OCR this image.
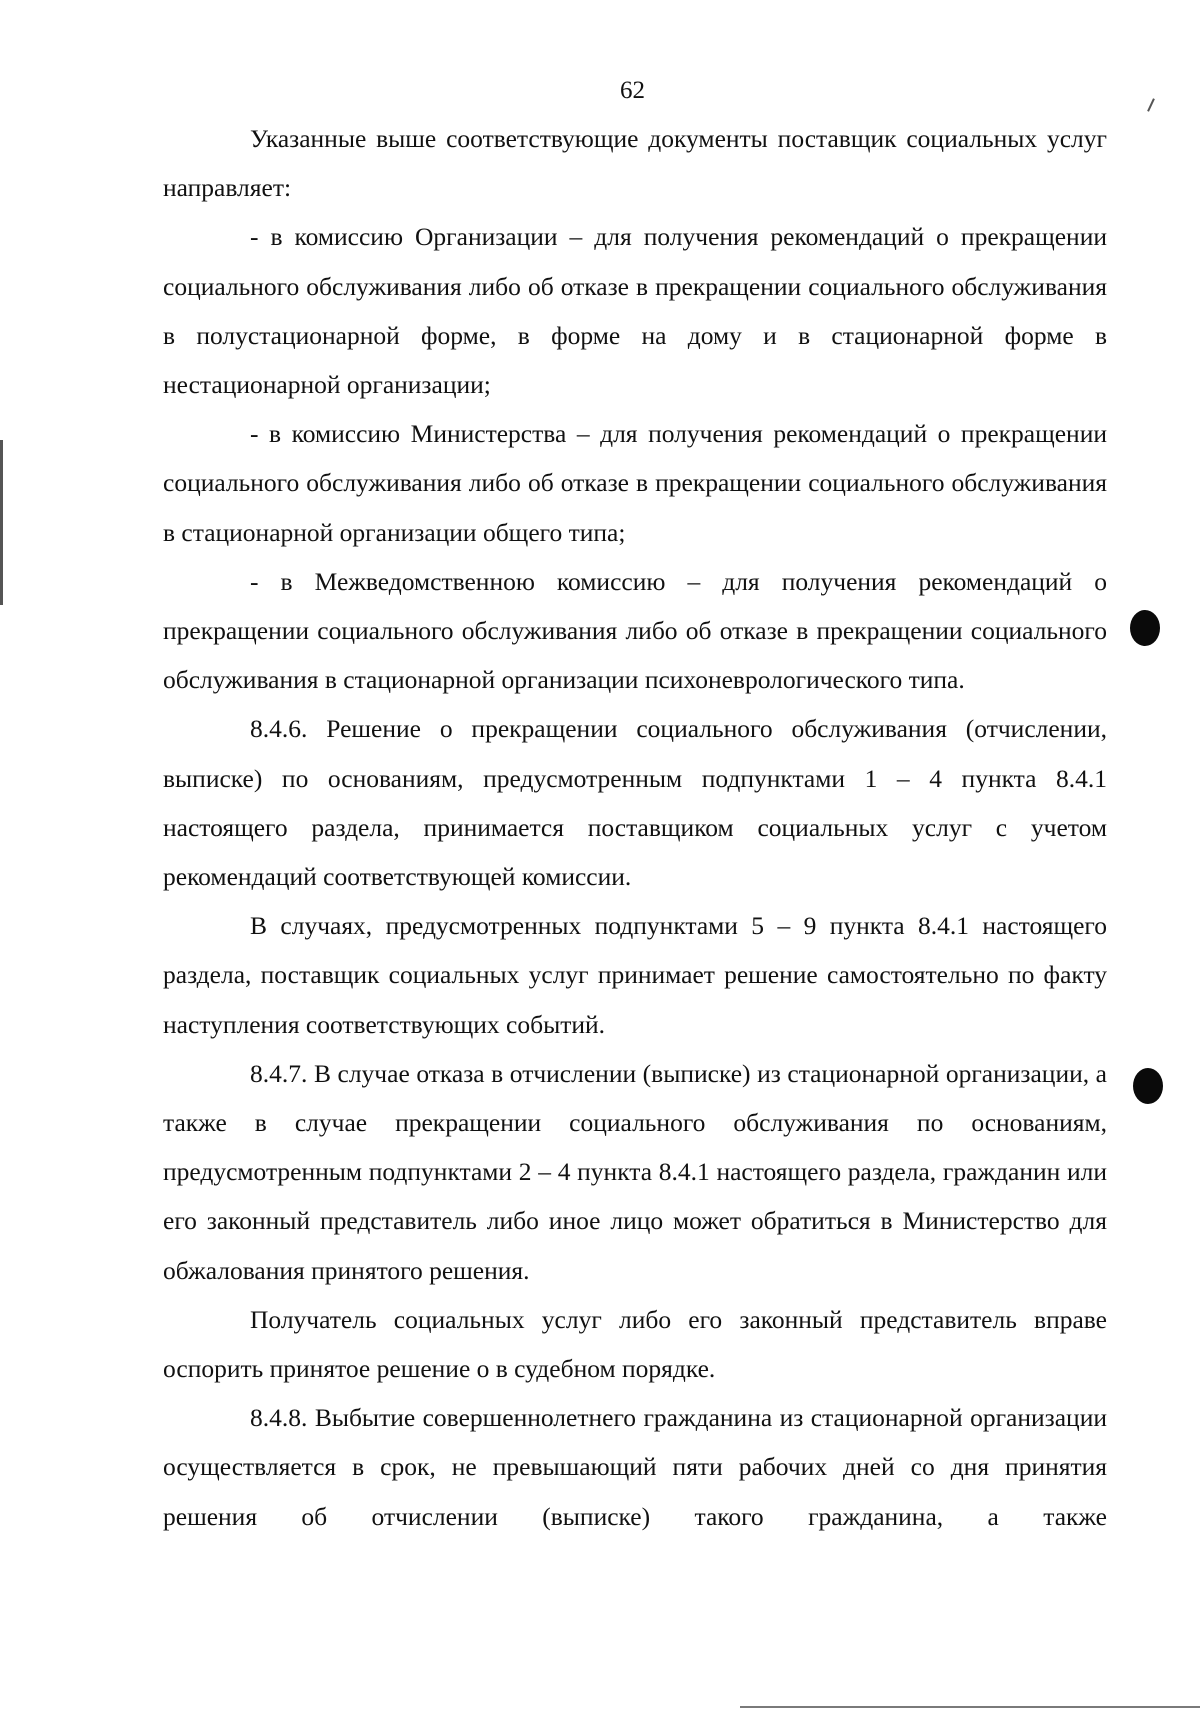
62

Указанные выше соответствующие документы поставщик социальных услуг направляет:

- в комиссию Организации – для получения рекомендаций о прекращении социального обслуживания либо об отказе в прекращении социального обслуживания в полустационарной форме, в форме на дому и в стационарной форме в нестационарной организации;

- в комиссию Министерства – для получения рекомендаций о прекращении социального обслуживания либо об отказе в прекращении социального обслуживания в стационарной организации общего типа;

- в Межведомственною комиссию – для получения рекомендаций о прекращении социального обслуживания либо об отказе в прекращении социального обслуживания в стационарной организации психоневрологического типа.

8.4.6. Решение о прекращении социального обслуживания (отчислении, выписке) по основаниям, предусмотренным подпунктами 1 – 4 пункта 8.4.1 настоящего раздела, принимается поставщиком социальных услуг с учетом рекомендаций соответствующей комиссии.

В случаях, предусмотренных подпунктами 5 – 9 пункта 8.4.1 настоящего раздела, поставщик социальных услуг принимает решение самостоятельно по факту наступления соответствующих событий.

8.4.7. В случае отказа в отчислении (выписке) из стационарной организации, а также в случае прекращении социального обслуживания по основаниям, предусмотренным подпунктами 2 – 4 пункта 8.4.1 настоящего раздела, гражданин или его законный представитель либо иное лицо может обратиться в Министерство для обжалования принятого решения.

Получатель социальных услуг либо его законный представитель вправе оспорить принятое решение о в судебном порядке.

8.4.8. Выбытие совершеннолетнего гражданина из стационарной организации осуществляется в срок, не превышающий пяти рабочих дней со дня принятия решения об отчислении (выписке) такого гражданина, а также
